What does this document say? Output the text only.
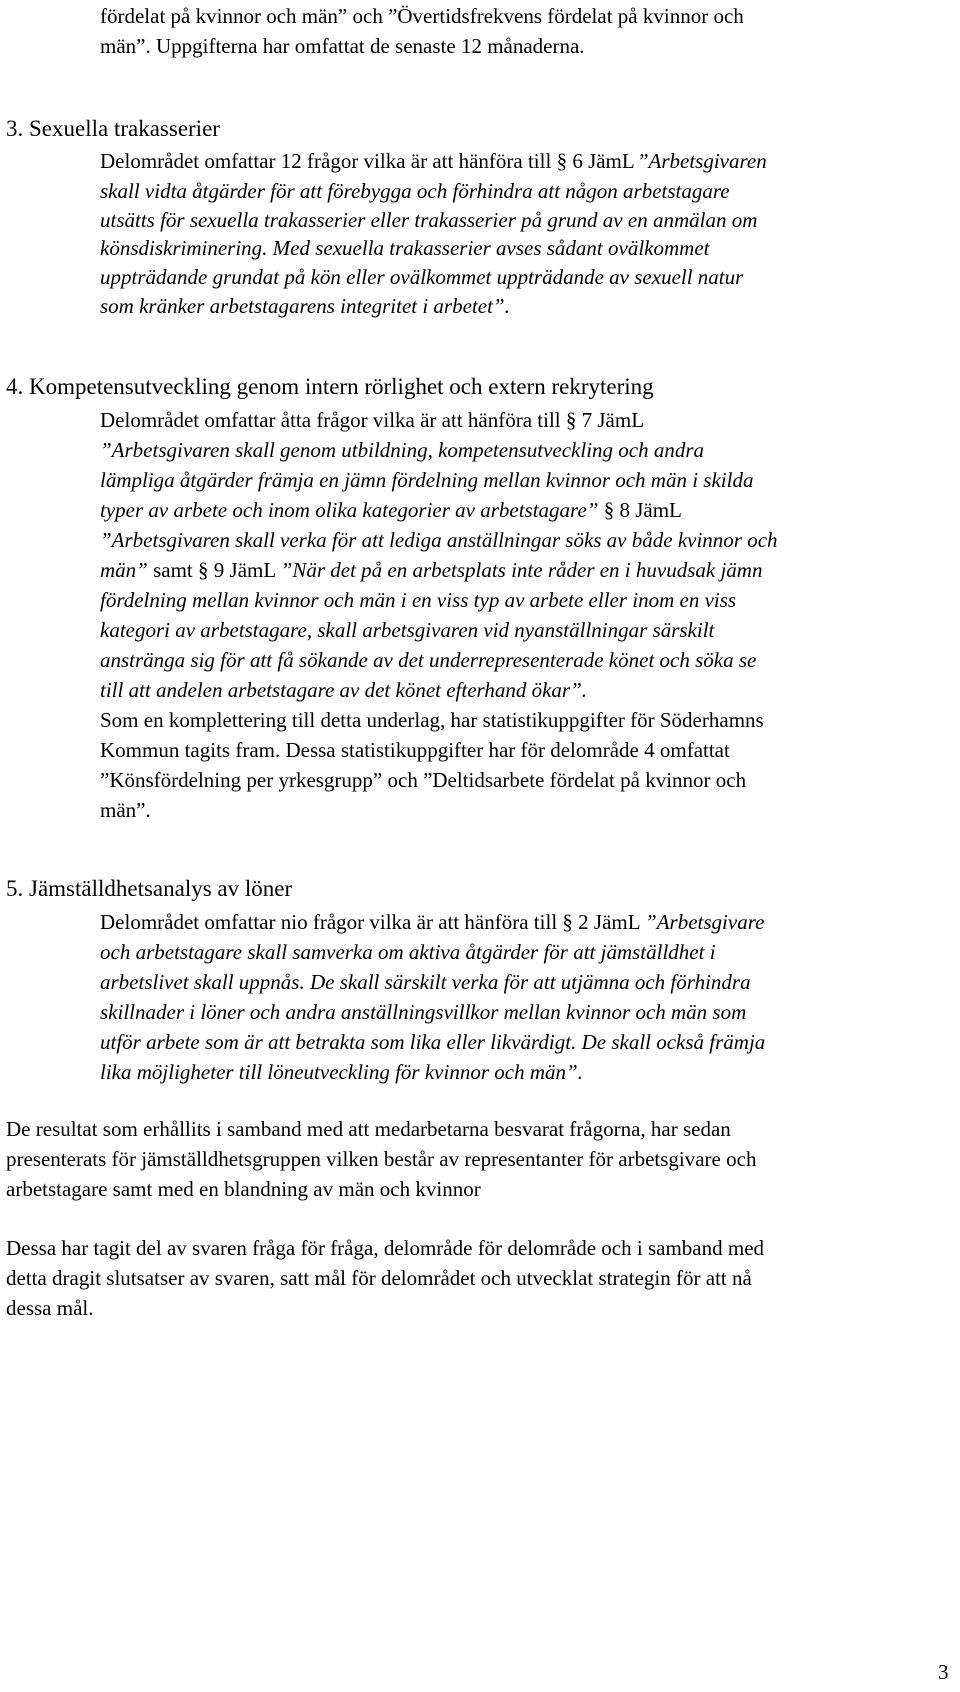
fördelat på kvinnor och män” och ”Övertidsfrekvens fördelat på kvinnor och

män”. Uppgifterna har omfattat de senaste 12 månaderna.

3. Sexuella trakasserier

Delområdet omfattar 12 frågor vilka är att hänföra till § 6 JämL ”Arbetsgivaren

skall vidta åtgärder för att förebygga och förhindra att någon arbetstagare

utsätts för sexuella trakasserier eller trakasserier på grund av en anmälan om

könsdiskriminering. Med sexuella trakasserier avses sådant ovälkommet

uppträdande grundat på kön eller ovälkommet uppträdande av sexuell natur

som kränker arbetstagarens integritet i arbetet”.

4. Kompetensutveckling genom intern rörlighet och extern rekrytering

Delområdet omfattar åtta frågor vilka är att hänföra till § 7 JämL

”Arbetsgivaren skall genom utbildning, kompetensutveckling och andra

lämpliga åtgärder främja en jämn fördelning mellan kvinnor och män i skilda

typer av arbete och inom olika kategorier av arbetstagare” § 8 JämL

”Arbetsgivaren skall verka för att lediga anställningar söks av både kvinnor och

män” samt § 9 JämL ”När det på en arbetsplats inte råder en i huvudsak jämn

fördelning mellan kvinnor och män i en viss typ av arbete eller inom en viss

kategori av arbetstagare, skall arbetsgivaren vid nyanställningar särskilt

anstränga sig för att få sökande av det underrepresenterade könet och söka se

till att andelen arbetstagare av det könet efterhand ökar”.

Som en komplettering till detta underlag, har statistikuppgifter för Söderhamns

Kommun tagits fram. Dessa statistikuppgifter har för delområde 4 omfattat

”Könsfördelning per yrkesgrupp” och ”Deltidsarbete fördelat på kvinnor och

män”.

5. Jämställdhetsanalys av löner

Delområdet omfattar nio frågor vilka är att hänföra till § 2 JämL ”Arbetsgivare

och arbetstagare skall samverka om aktiva åtgärder för att jämställdhet i

arbetslivet skall uppnås. De skall särskilt verka för att utjämna och förhindra

skillnader i löner och andra anställningsvillkor mellan kvinnor och män som

utför arbete som är att betrakta som lika eller likvärdigt. De skall också främja

lika möjligheter till löneutveckling för kvinnor och män”.

De resultat som erhållits i samband med att medarbetarna besvarat frågorna, har sedan

presenterats för jämställdhetsgruppen vilken består av representanter för arbetsgivare och

arbetstagare samt med en blandning av män och kvinnor

Dessa har tagit del av svaren fråga för fråga, delområde för delområde och i samband med

detta dragit slutsatser av svaren, satt mål för delområdet och utvecklat strategin för att nå

dessa mål.

3
